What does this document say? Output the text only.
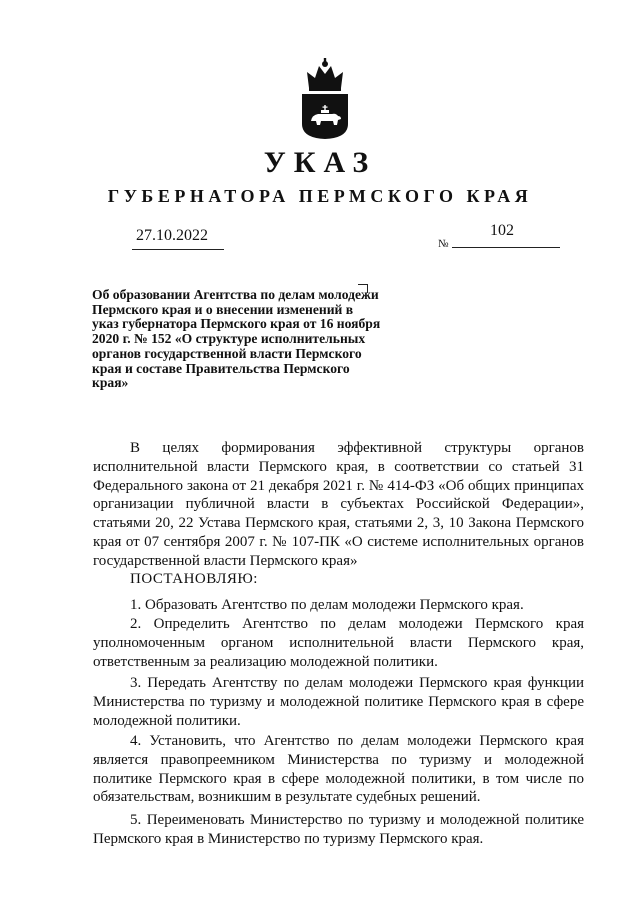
УКАЗ
ГУБЕРНАТОРА ПЕРМСКОГО КРАЯ
27.10.2022	№
102

Об образовании Агентства по делам молодежи Пермского края и о внесении изменений в указ губернатора Пермского края от 16 ноября 2020 г. № 152 «О структуре исполнительных органов государственной власти Пермского края и составе Правительства Пермского края»

В целях формирования эффективной структуры органов исполнительной власти Пермского края, в соответствии со статьей 31 Федерального закона от 21 декабря 2021 г. № 414-ФЗ «Об общих принципах организации публичной власти в субъектах Российской Федерации», статьями 20, 22 Устава Пермского края, статьями 2, 3, 10 Закона Пермского края от 07 сентября 2007 г. № 107-ПК «О системе исполнительных органов государственной власти Пермского края»

ПОСТАНОВЛЯЮ:

1. Образовать Агентство по делам молодежи Пермского края.

2. Определить Агентство по делам молодежи Пермского края уполномоченным органом исполнительной власти Пермского края, ответственным за реализацию молодежной политики.

3. Передать Агентству по делам молодежи Пермского края функции Министерства по туризму и молодежной политике Пермского края в сфере молодежной политики.

4. Установить, что Агентство по делам молодежи Пермского края является правопреемником Министерства по туризму и молодежной политике Пермского края в сфере молодежной политики, в том числе по обязательствам, возникшим в результате судебных решений.

5. Переименовать Министерство по туризму и молодежной политике Пермского края в Министерство по туризму Пермского края.
